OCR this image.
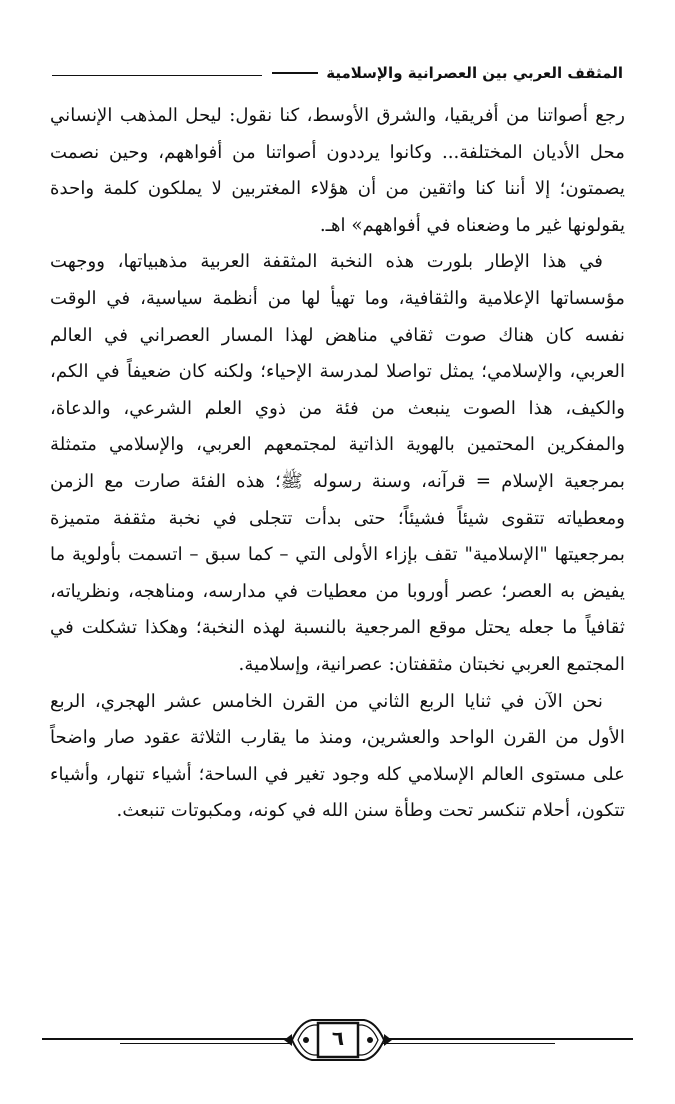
المثقف العربي بين العصرانية والإسلامية

رجع أصواتنا من أفريقيا، والشرق الأوسط، كنا نقول: ليحل المذهب الإنساني محل الأديان المختلفة... وكانوا يرددون أصواتنا من أفواههم، وحين نصمت يصمتون؛ إلا أننا كنا واثقين من أن هؤلاء المغتربين لا يملكون كلمة واحدة يقولونها غير ما وضعناه في أفواههم» اهـ.

في هذا الإطار بلورت هذه النخبة المثقفة العربية مذهبياتها، ووجهت مؤسساتها الإعلامية والثقافية، وما تهيأ لها من أنظمة سياسية، في الوقت نفسه كان هناك صوت ثقافي مناهض لهذا المسار العصراني في العالم العربي، والإسلامي؛ يمثل تواصلا لمدرسة الإحياء؛ ولكنه كان ضعيفاً في الكم، والكيف، هذا الصوت ينبعث من فئة من ذوي العلم الشرعي، والدعاة، والمفكرين المحتمين بالهوية الذاتية لمجتمعهم العربي، والإسلامي متمثلة بمرجعية الإسلام = قرآنه، وسنة رسوله ﷺ؛ هذه الفئة صارت مع الزمن ومعطياته تتقوى شيئاً فشيئاً؛ حتى بدأت تتجلى في نخبة مثقفة متميزة بمرجعيتها "الإسلامية" تقف بإزاء الأولى التي – كما سبق – اتسمت بأولوية ما يفيض به العصر؛ عصر أوروبا من معطيات في مدارسه، ومناهجه، ونظرياته، ثقافياً ما جعله يحتل موقع المرجعية بالنسبة لهذه النخبة؛ وهكذا تشكلت في المجتمع العربي نخبتان مثقفتان: عصرانية، وإسلامية.

نحن الآن في ثنايا الربع الثاني من القرن الخامس عشر الهجري، الربع الأول من القرن الواحد والعشرين، ومنذ ما يقارب الثلاثة عقود صار واضحاً على مستوى العالم الإسلامي كله وجود تغير في الساحة؛ أشياء تنهار، وأشياء تتكون، أحلام تنكسر تحت وطأة سنن الله في كونه، ومكبوتات تنبعث.

٦
